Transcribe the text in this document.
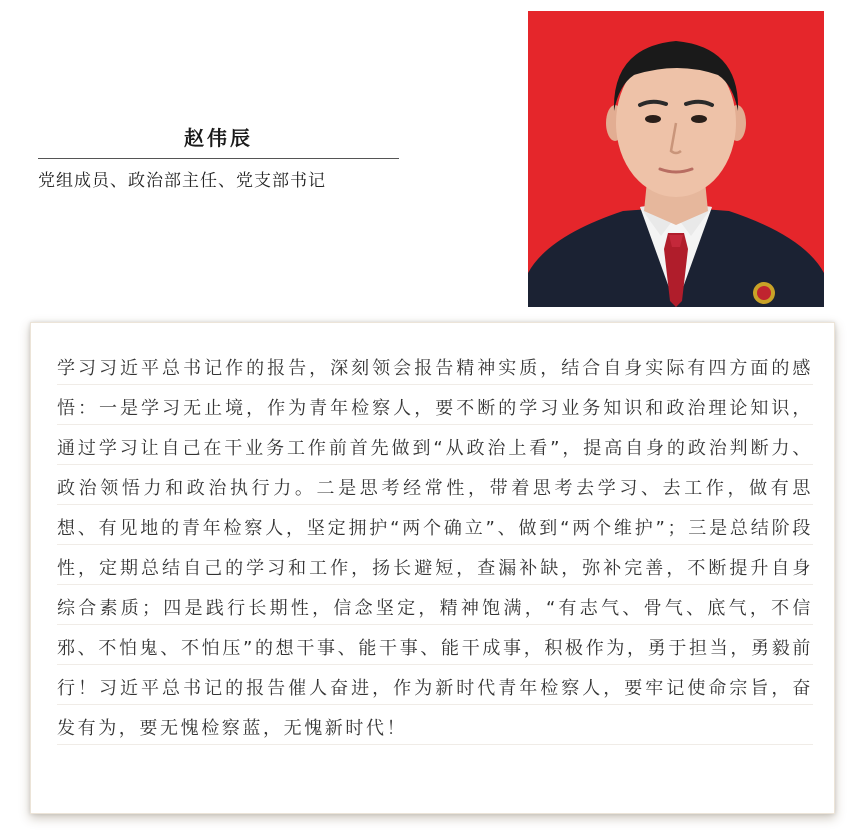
赵伟辰
党组成员、政治部主任、党支部书记

学习习近平总书记作的报告，深刻领会报告精神实质，结合自身实际有四方面的感悟：一是学习无止境，作为青年检察人，要不断的学习业务知识和政治理论知识，通过学习让自己在干业务工作前首先做到“从政治上看”，提高自身的政治判断力、政治领悟力和政治执行力。二是思考经常性，带着思考去学习、去工作，做有思想、有见地的青年检察人，坚定拥护“两个确立”、做到“两个维护”；三是总结阶段性，定期总结自己的学习和工作，扬长避短，查漏补缺，弥补完善，不断提升自身综合素质；四是践行长期性，信念坚定，精神饱满，“有志气、骨气、底气，不信邪、不怕鬼、不怕压”的想干事、能干事、能干成事，积极作为，勇于担当，勇毅前行！习近平总书记的报告催人奋进，作为新时代青年检察人，要牢记使命宗旨，奋发有为，要无愧检察蓝，无愧新时代！
